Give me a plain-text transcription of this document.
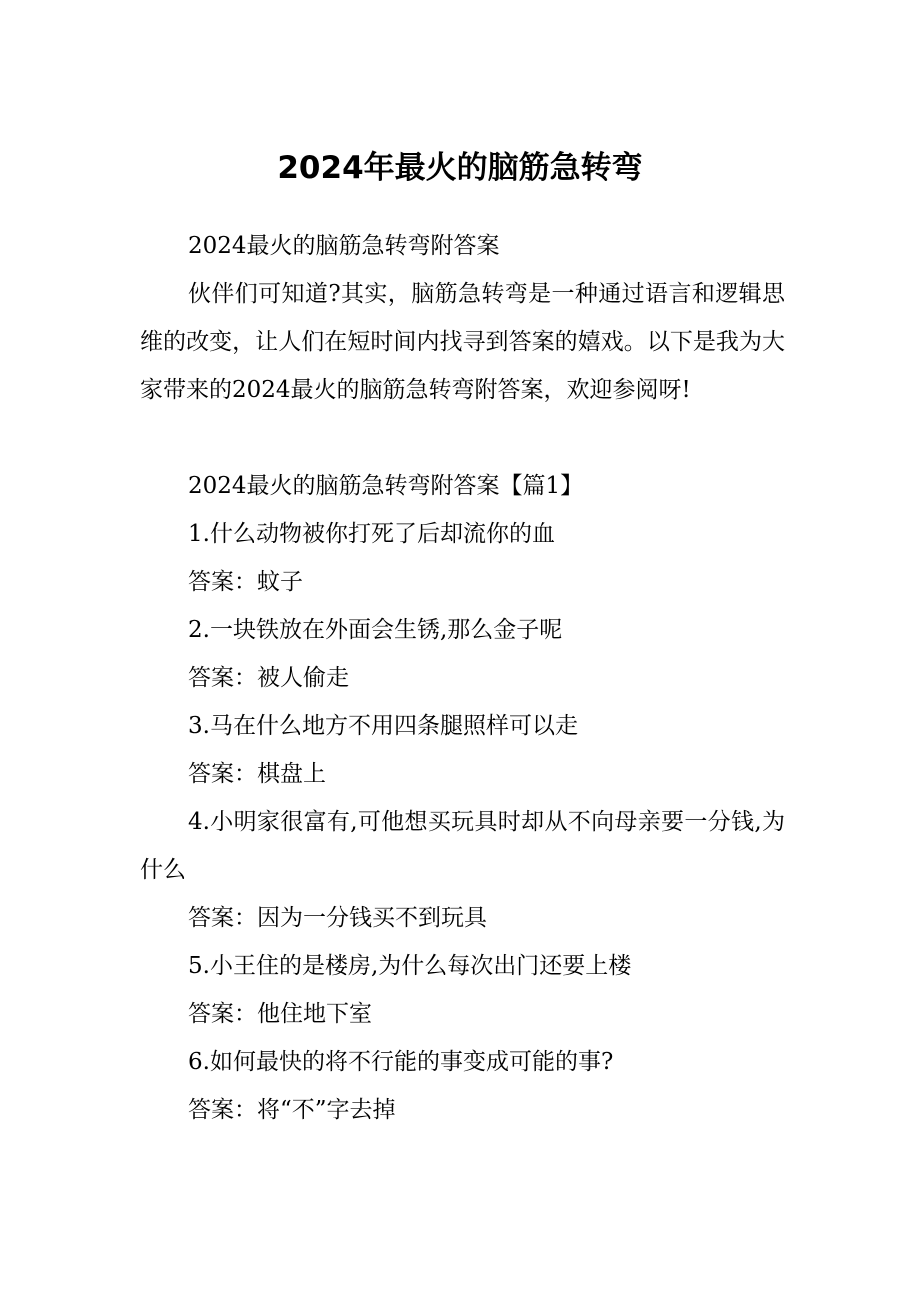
2024年最火的脑筋急转弯

2024最火的脑筋急转弯附答案

伙伴们可知道?其实，脑筋急转弯是一种通过语言和逻辑思维的改变，让人们在短时间内找寻到答案的嬉戏。以下是我为大家带来的2024最火的脑筋急转弯附答案，欢迎参阅呀!

2024最火的脑筋急转弯附答案【篇1】

1.什么动物被你打死了后却流你的血

答案：蚊子

2.一块铁放在外面会生锈,那么金子呢

答案：被人偷走

3.马在什么地方不用四条腿照样可以走

答案：棋盘上

4.小明家很富有,可他想买玩具时却从不向母亲要一分钱,为什么

答案：因为一分钱买不到玩具

5.小王住的是楼房,为什么每次出门还要上楼

答案：他住地下室

6.如何最快的将不行能的事变成可能的事?

答案：将“不”字去掉
